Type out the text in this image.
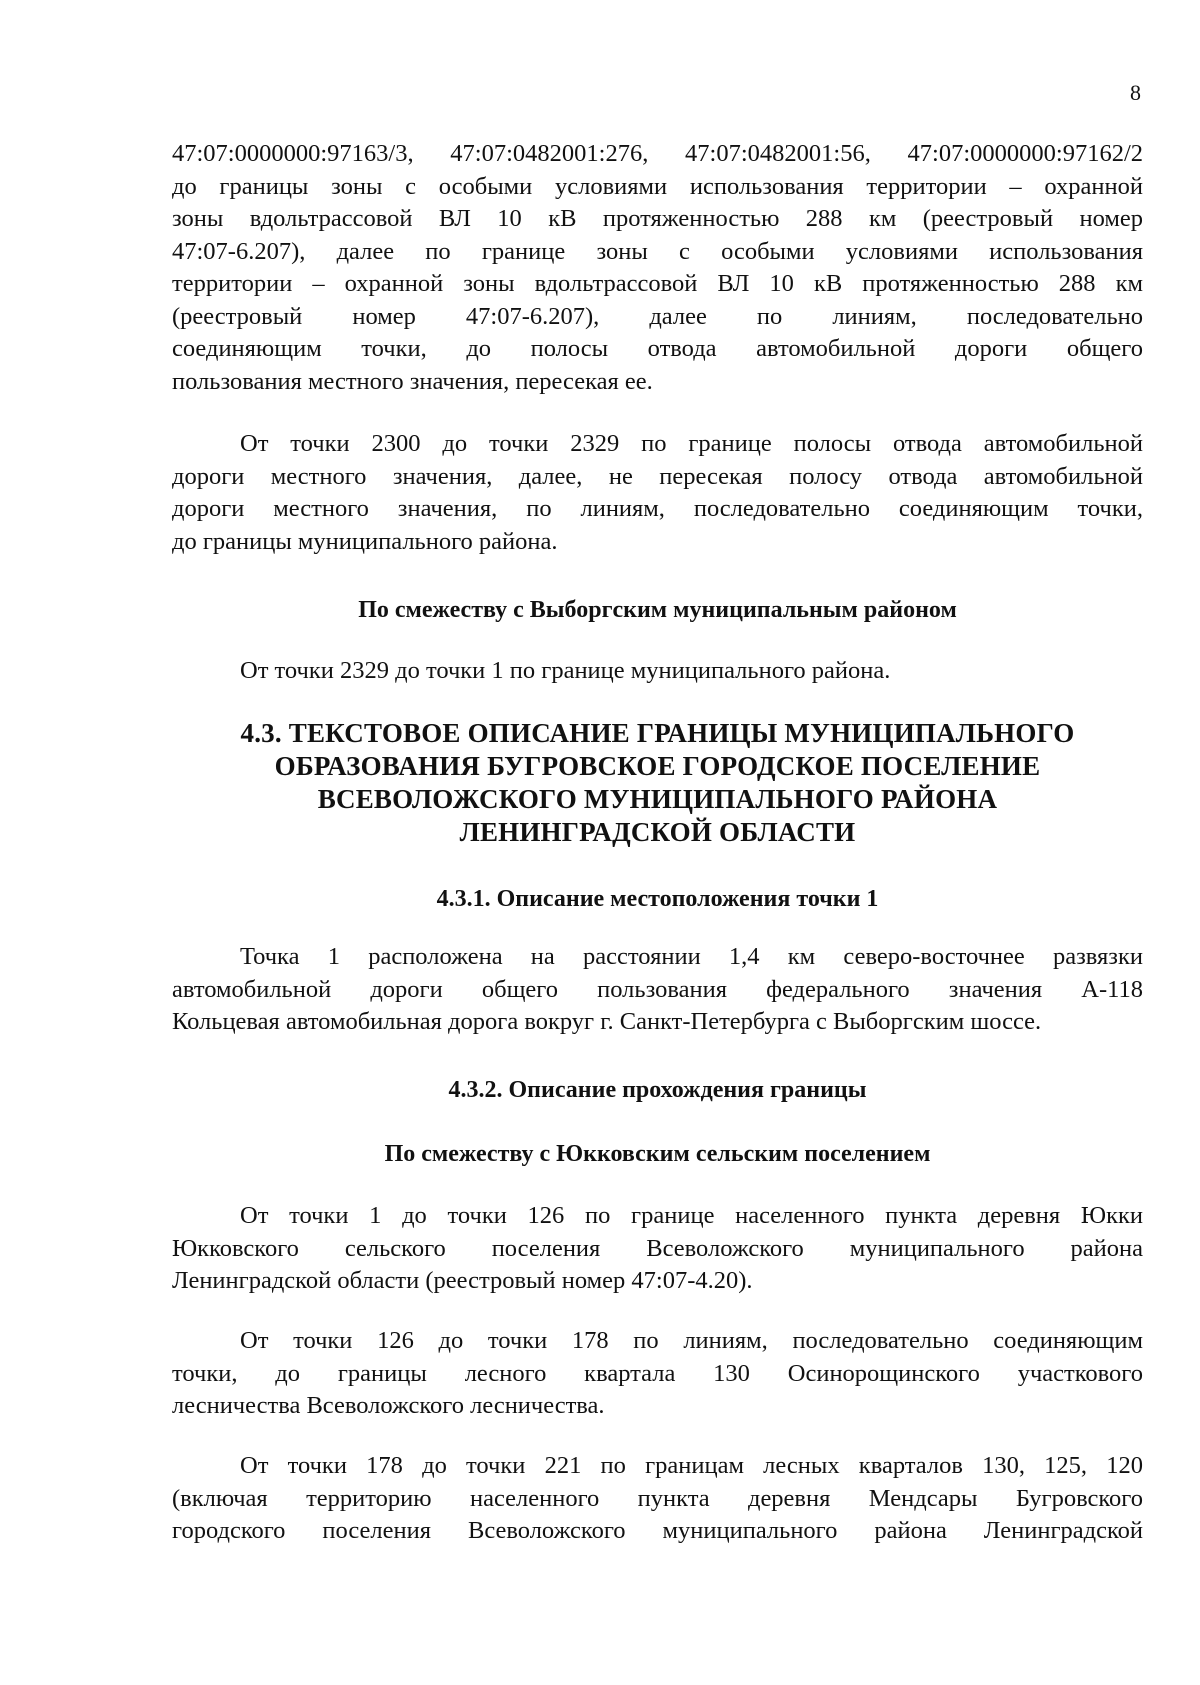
8
47:07:0000000:97163/3, 47:07:0482001:276, 47:07:0482001:56, 47:07:0000000:97162/2
до границы зоны с особыми условиями использования территории – охранной
зоны вдольтрассовой ВЛ 10 кВ протяженностью 288 км (реестровый номер
47:07-6.207), далее по границе зоны с особыми условиями использования
территории – охранной зоны вдольтрассовой ВЛ 10 кВ протяженностью 288 км
(реестровый номер 47:07-6.207), далее по линиям, последовательно
соединяющим точки, до полосы отвода автомобильной дороги общего
пользования местного значения, пересекая ее.
От точки 2300 до точки 2329 по границе полосы отвода автомобильной
дороги местного значения, далее, не пересекая полосу отвода автомобильной
дороги местного значения, по линиям, последовательно соединяющим точки,
до границы муниципального района.
По смежеству с Выборгским муниципальным районом
От точки 2329 до точки 1 по границе муниципального района.
4.3. ТЕКСТОВОЕ ОПИСАНИЕ ГРАНИЦЫ МУНИЦИПАЛЬНОГО
ОБРАЗОВАНИЯ БУГРОВСКОЕ ГОРОДСКОЕ ПОСЕЛЕНИЕ
ВСЕВОЛОЖСКОГО МУНИЦИПАЛЬНОГО РАЙОНА
ЛЕНИНГРАДСКОЙ ОБЛАСТИ
4.3.1. Описание местоположения точки 1
Точка 1 расположена на расстоянии 1,4 км северо-восточнее развязки
автомобильной дороги общего пользования федерального значения А-118
Кольцевая автомобильная дорога вокруг г. Санкт-Петербурга с Выборгским шоссе.
4.3.2. Описание прохождения границы
По смежеству с Юкковским сельским поселением
От точки 1 до точки 126 по границе населенного пункта деревня Юкки
Юкковского сельского поселения Всеволожского муниципального района
Ленинградской области (реестровый номер 47:07-4.20).
От точки 126 до точки 178 по линиям, последовательно соединяющим
точки, до границы лесного квартала 130 Осинорощинского участкового
лесничества Всеволожского лесничества.
От точки 178 до точки 221 по границам лесных кварталов 130, 125, 120
(включая территорию населенного пункта деревня Мендсары Бугровского
городского поселения Всеволожского муниципального района Ленинградской
